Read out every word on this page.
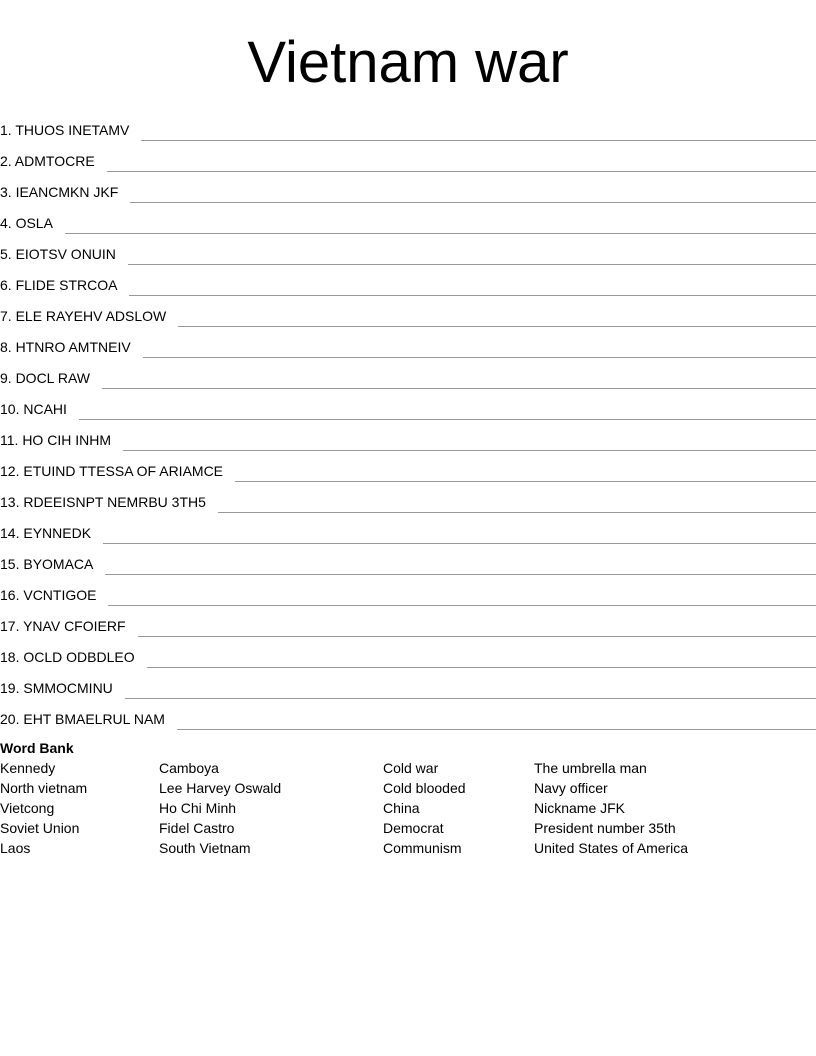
Vietnam war
1. THUOS INETAMV
2. ADMTOCRE
3. IEANCMKN JKF
4. OSLA
5. EIOTSV ONUIN
6. FLIDE STRCOA
7. ELE RAYEHV ADSLOW
8. HTNRO AMTNEIV
9. DOCL RAW
10. NCAHI
11. HO CIH INHM
12. ETUIND TTESSA OF ARIAMCE
13. RDEEISNPT NEMRBU 3TH5
14. EYNNEDK
15. BYOMACA
16. VCNTIGOE
17. YNAV CFOIERF
18. OCLD ODBDLEO
19. SMMOCMINU
20. EHT BMAELRUL NAM
Word Bank
Kennedy
North vietnam
Vietcong
Soviet Union
Laos
Camboya
Lee Harvey Oswald
Ho Chi Minh
Fidel Castro
South Vietnam
Cold war
Cold blooded
China
Democrat
Communism
The umbrella man
Navy officer
Nickname JFK
President number 35th
United States of America
